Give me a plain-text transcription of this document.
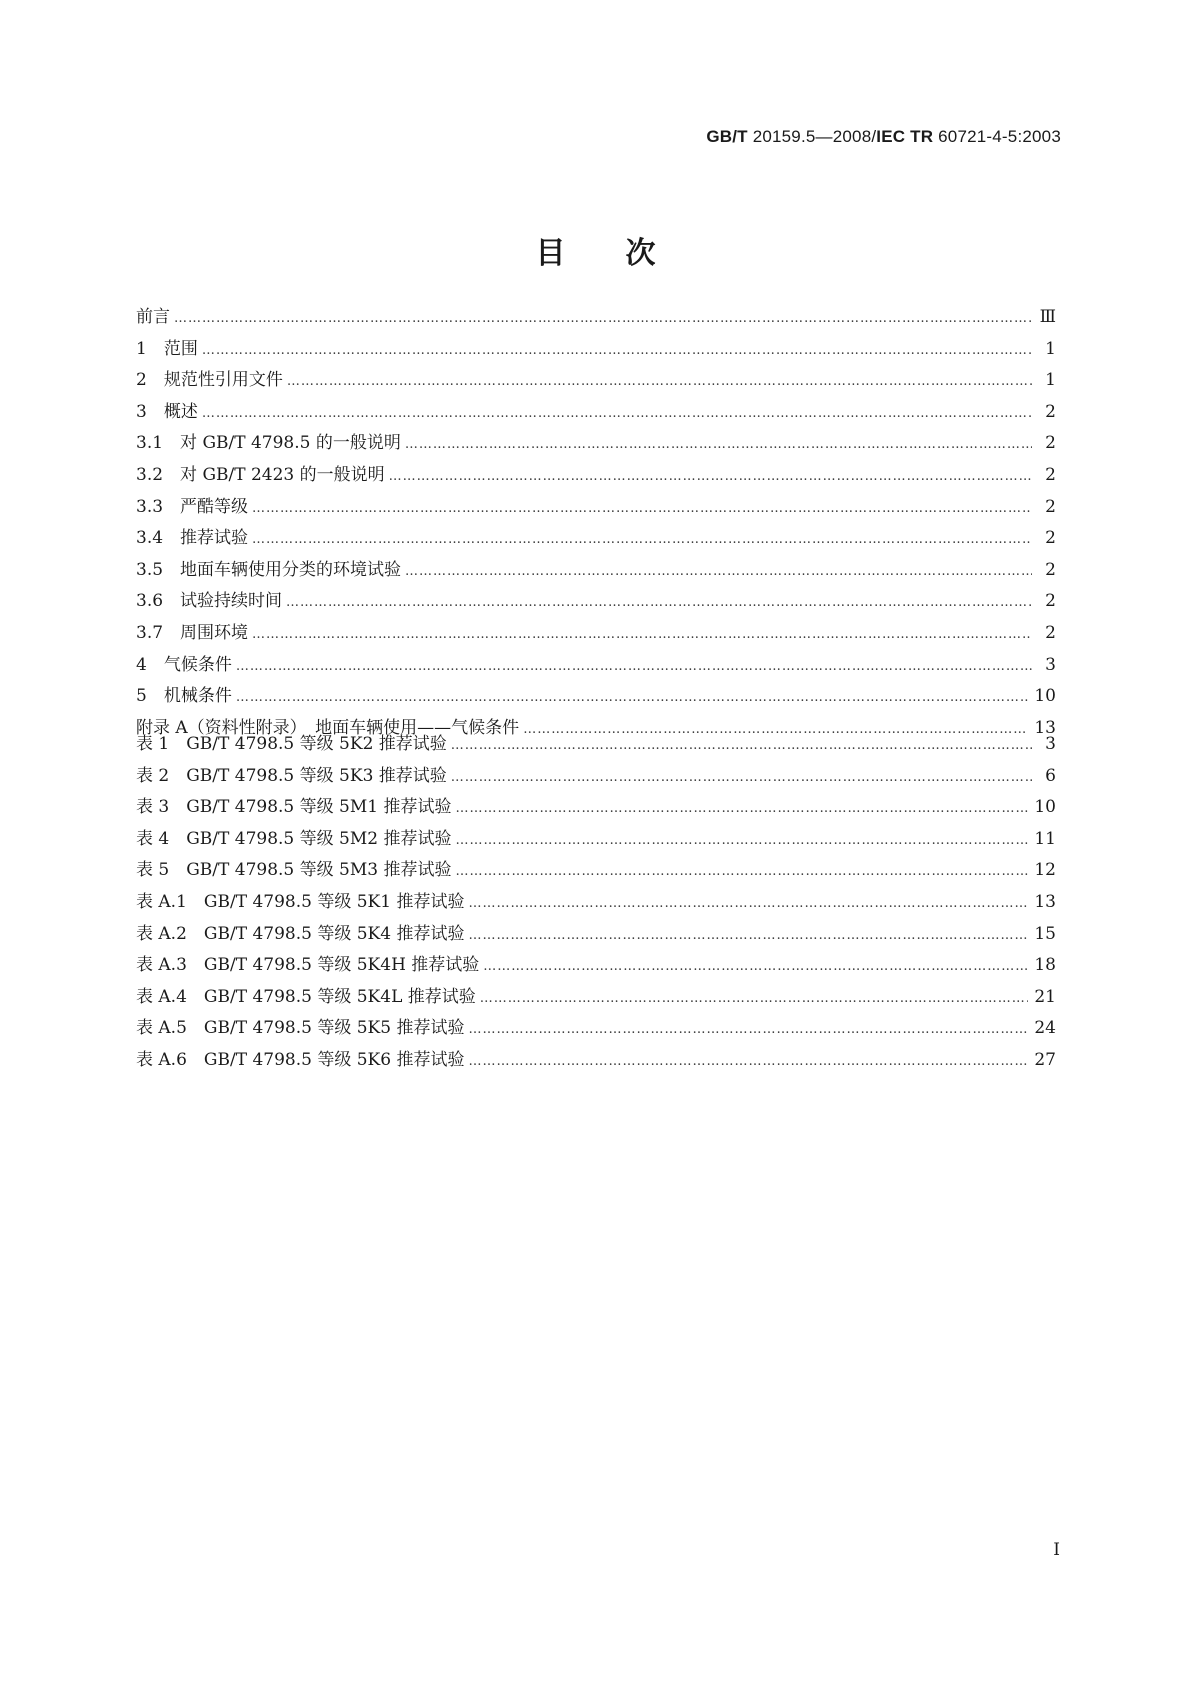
GB/T 20159.5—2008/IEC TR 60721-4-5:2003
目次
前言 ……………………………………………………………………………………………………………………………………………………………………………………………………………………	Ⅲ
1　范围 ……………………………………………………………………………………………………………………………………………………………………………………………………………………	1
2　规范性引用文件 ……………………………………………………………………………………………………………………………………………………………………………………………………………………	1
3　概述 ……………………………………………………………………………………………………………………………………………………………………………………………………………………	2
3.1　对 GB/T 4798.5 的一般说明 ……………………………………………………………………………………………………………………………………………………………………………………………………………………	2
3.2　对 GB/T 2423 的一般说明 ……………………………………………………………………………………………………………………………………………………………………………………………………………………	2
3.3　严酷等级 ……………………………………………………………………………………………………………………………………………………………………………………………………………………	2
3.4　推荐试验 ……………………………………………………………………………………………………………………………………………………………………………………………………………………	2
3.5　地面车辆使用分类的环境试验 ……………………………………………………………………………………………………………………………………………………………………………………………………………………	2
3.6　试验持续时间 ……………………………………………………………………………………………………………………………………………………………………………………………………………………	2
3.7　周围环境 ……………………………………………………………………………………………………………………………………………………………………………………………………………………	2
4　气候条件 ……………………………………………………………………………………………………………………………………………………………………………………………………………………	3
5　机械条件 ……………………………………………………………………………………………………………………………………………………………………………………………………………………	10
附录 A（资料性附录）　地面车辆使用——气候条件 ……………………………………………………………………………………………………………………………………………………………………………………………………………………	13
表 1　GB/T 4798.5 等级 5K2 推荐试验 ……………………………………………………………………………………………………………………………………………………………………………………………………………………	3
表 2　GB/T 4798.5 等级 5K3 推荐试验 ……………………………………………………………………………………………………………………………………………………………………………………………………………………	6
表 3　GB/T 4798.5 等级 5M1 推荐试验 ……………………………………………………………………………………………………………………………………………………………………………………………………………………	10
表 4　GB/T 4798.5 等级 5M2 推荐试验 ……………………………………………………………………………………………………………………………………………………………………………………………………………………	11
表 5　GB/T 4798.5 等级 5M3 推荐试验 ……………………………………………………………………………………………………………………………………………………………………………………………………………………	12
表 A.1　GB/T 4798.5 等级 5K1 推荐试验 ……………………………………………………………………………………………………………………………………………………………………………………………………………………	13
表 A.2　GB/T 4798.5 等级 5K4 推荐试验 ……………………………………………………………………………………………………………………………………………………………………………………………………………………	15
表 A.3　GB/T 4798.5 等级 5K4H 推荐试验 ……………………………………………………………………………………………………………………………………………………………………………………………………………………	18
表 A.4　GB/T 4798.5 等级 5K4L 推荐试验 ……………………………………………………………………………………………………………………………………………………………………………………………………………………	21
表 A.5　GB/T 4798.5 等级 5K5 推荐试验 ……………………………………………………………………………………………………………………………………………………………………………………………………………………	24
表 A.6　GB/T 4798.5 等级 5K6 推荐试验 ……………………………………………………………………………………………………………………………………………………………………………………………………………………	27
I
